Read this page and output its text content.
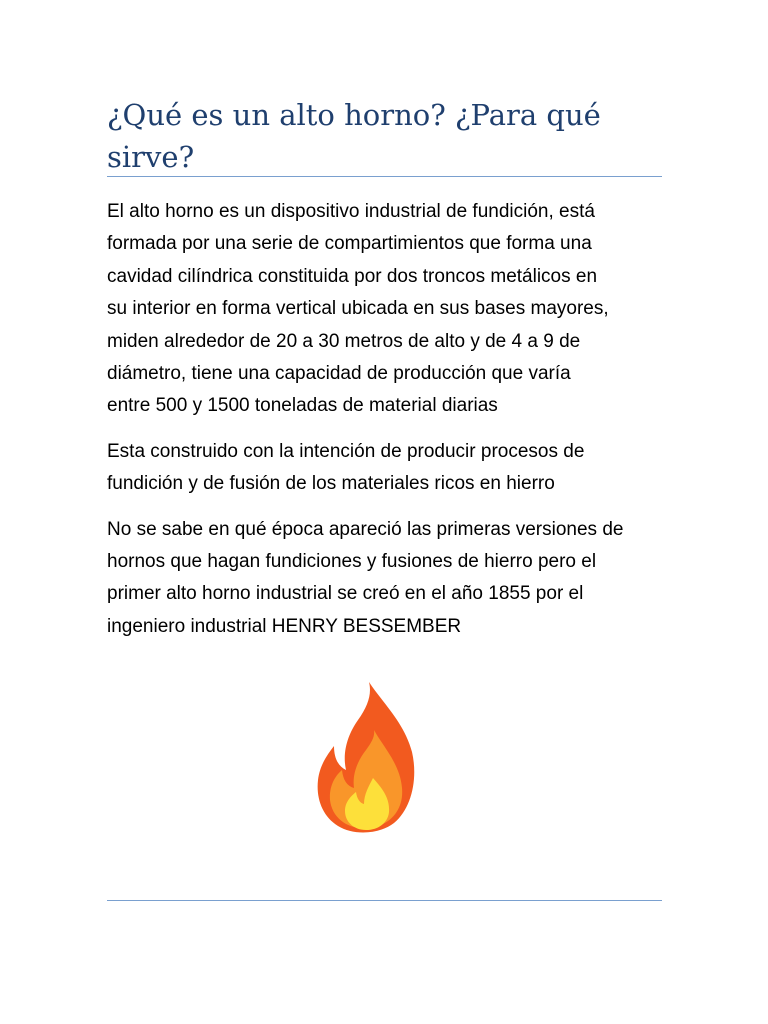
¿Qué es un alto horno? ¿Para qué sirve?

El alto horno es un dispositivo industrial de fundición, está
formada por una serie de compartimientos que forma una
cavidad cilíndrica constituida por dos troncos metálicos en
su interior en forma vertical ubicada en sus bases mayores,
miden alrededor de 20 a 30 metros de alto y de 4 a 9 de
diámetro, tiene una capacidad de producción que varía
entre 500 y 1500 toneladas de material diarias

Esta construido con la intención de producir procesos de
fundición y de fusión de los materiales ricos en hierro

No se sabe en qué época apareció las primeras versiones de
hornos que hagan fundiciones y fusiones de hierro pero el
primer alto horno industrial se creó en el año 1855 por el
ingeniero industrial HENRY BESSEMBER
